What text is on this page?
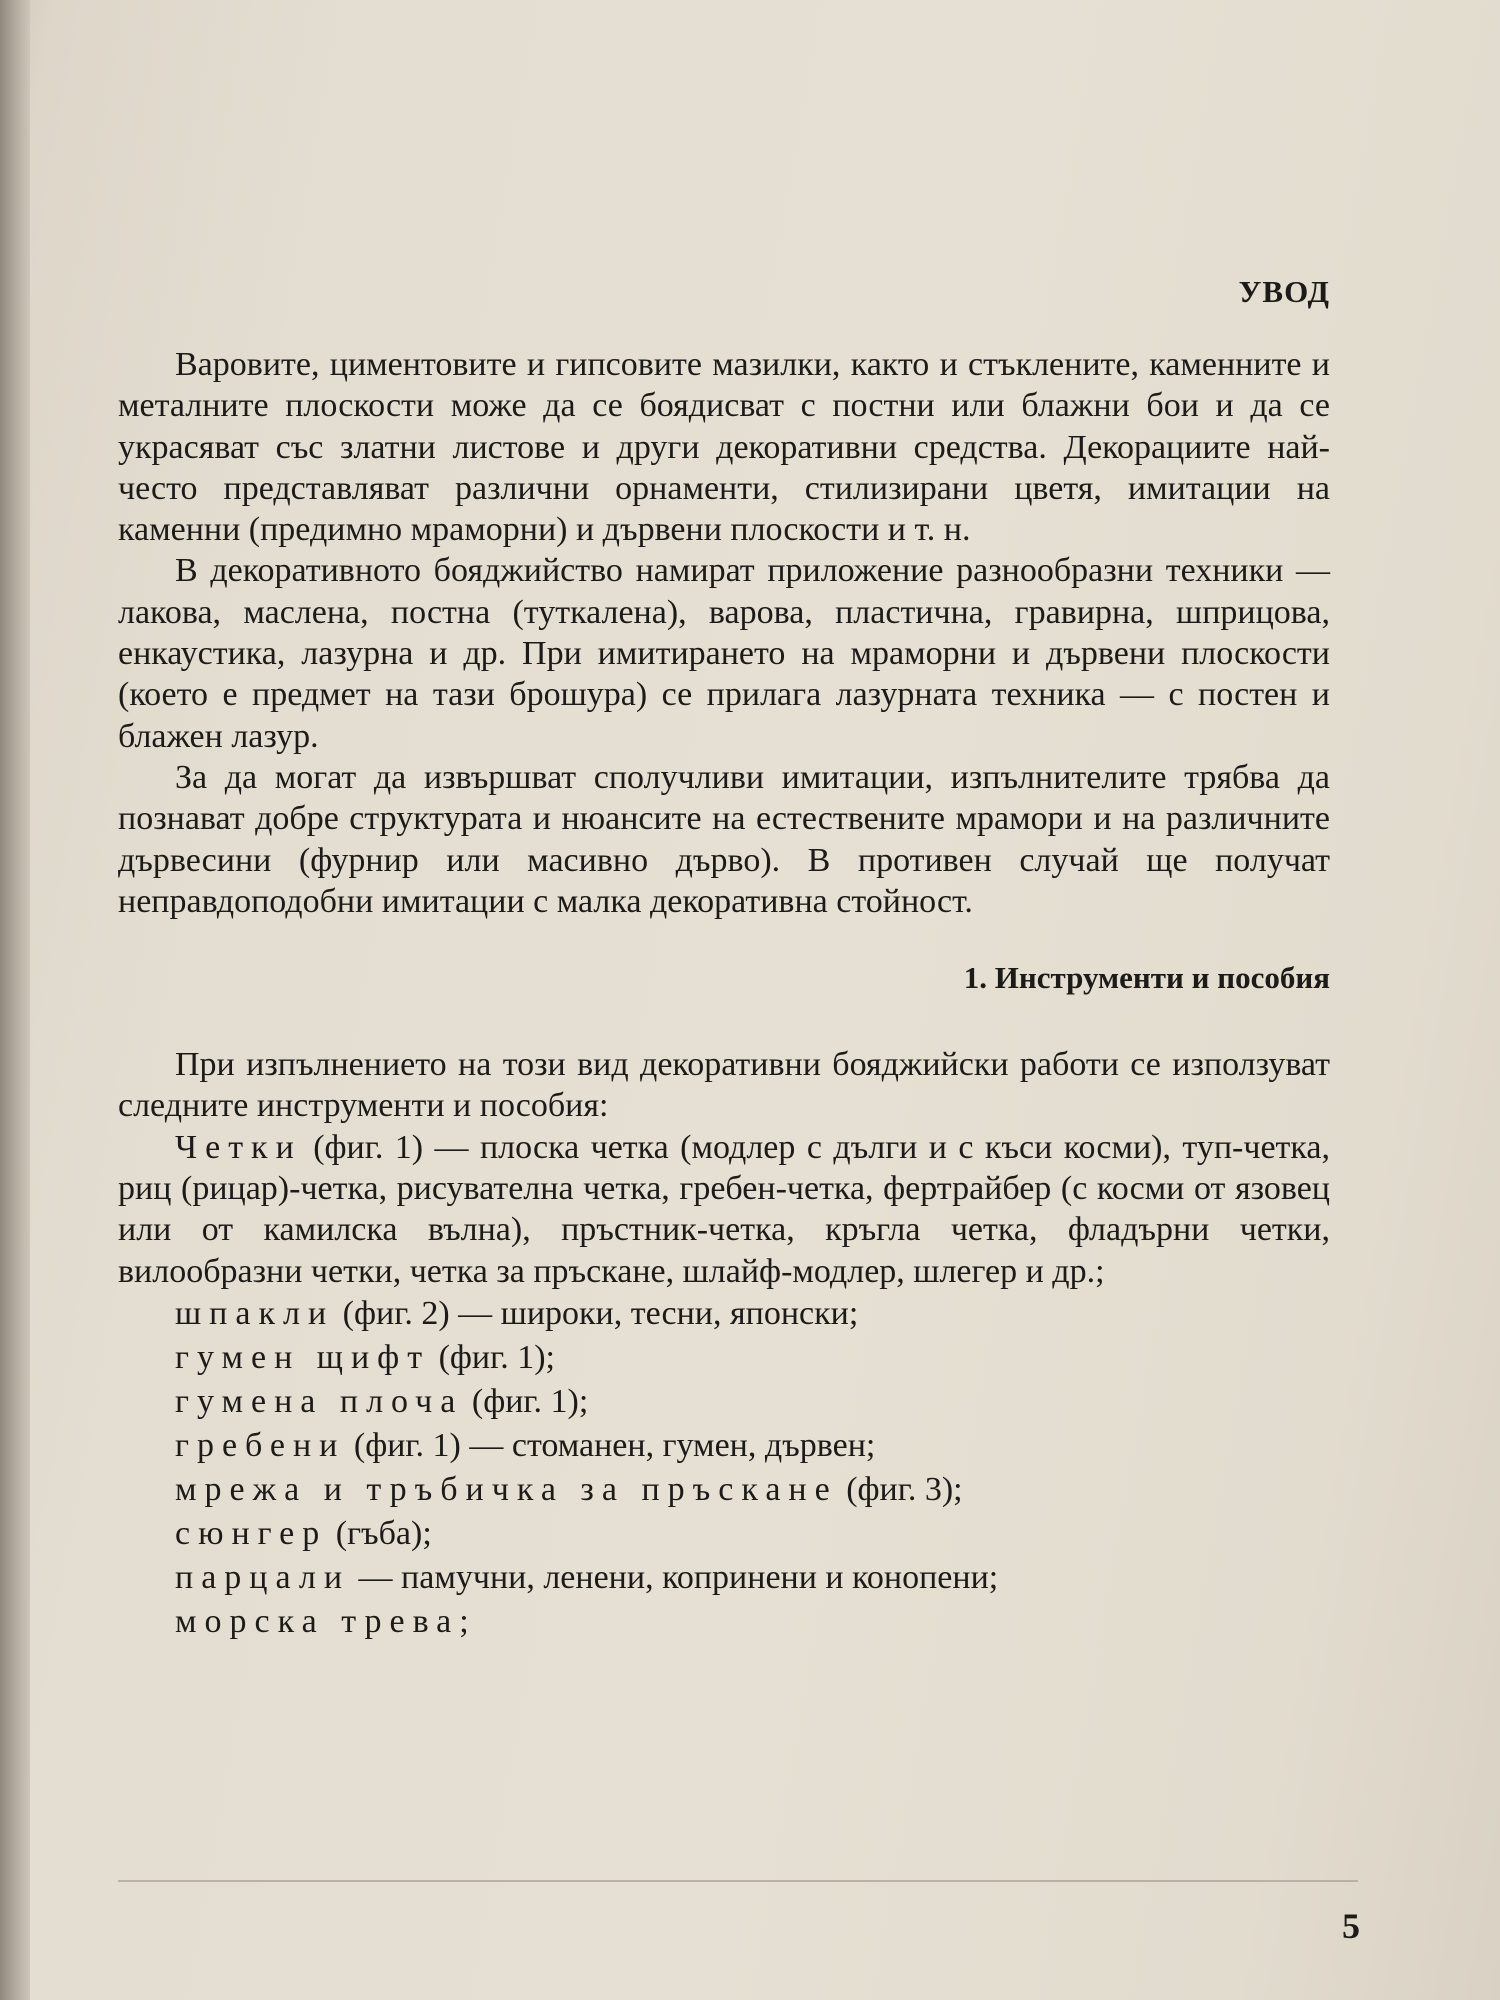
УВОД

Варовите, циментовите и гипсовите мазилки, както и стъклените, каменните и металните плоскости може да се боядисват с постни или блажни бои и да се украсяват със златни листове и други декоративни средства. Декорациите най-често представляват различни орнаменти, стилизирани цветя, имитации на каменни (предимно мраморни) и дървени плоскости и т. н.

В декоративното бояджийство намират приложение разнообразни техники — лакова, маслена, постна (туткалена), варова, пластична, гравирна, шприцова, енкаустика, лазурна и др. При имитирането на мраморни и дървени плоскости (което е предмет на тази брошура) се прилага лазурната техника — с постен и блажен лазур.

За да могат да извършват сполучливи имитации, изпълнителите трябва да познават добре структурата и нюансите на естествените мрамори и на различните дървесини (фурнир или масивно дърво). В противен случай ще получат неправдоподобни имитации с малка декоративна стойност.

1. Инструменти и пособия

При изпълнението на този вид декоративни бояджийски работи се използуват следните инструменти и пособия:

Четки (фиг. 1) — плоска четка (модлер с дълги и с къси косми), туп-четка, риц (рицар)-четка, рисувателна четка, гребен-четка, фертрайбер (с косми от язовец или от камилска вълна), пръстник-четка, кръгла четка, фладърни четки, вилообразни четки, четка за пръскане, шлайф-модлер, шлегер и др.;

шпакли (фиг. 2) — широки, тесни, японски;
гумен щифт (фиг. 1);
гумена плоча (фиг. 1);
гребени (фиг. 1) — стоманен, гумен, дървен;
мрежа и тръбичка за пръскане (фиг. 3);
сюнгер (гъба);
парцали — памучни, ленени, копринени и конопени;
морска трева;
5
